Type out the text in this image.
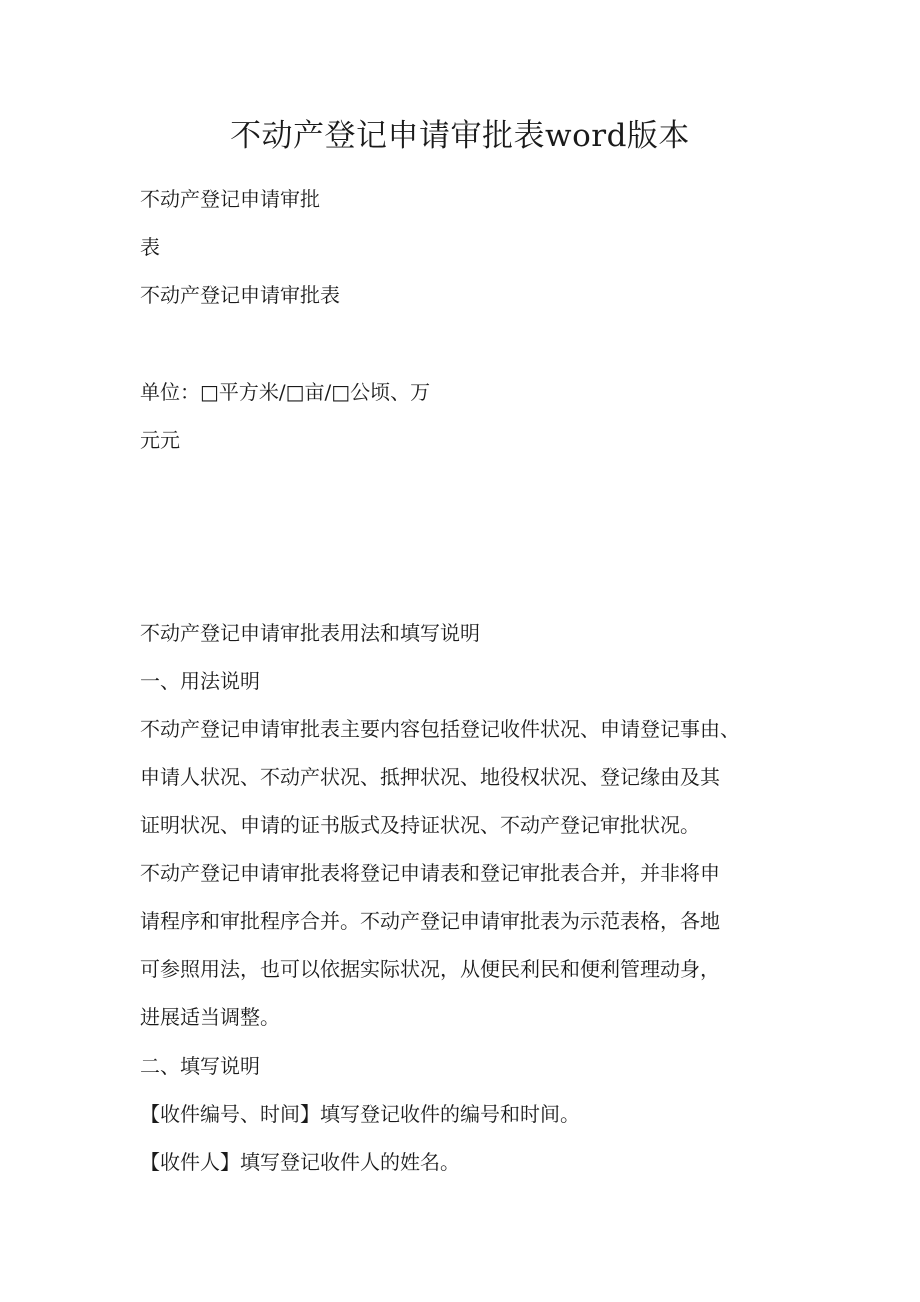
不动产登记申请审批表word版本
不动产登记申请审批
表
不动产登记申请审批表
单位：□平方米/□亩/□公顷、万
元元
不动产登记申请审批表用法和填写说明
一、用法说明
不动产登记申请审批表主要内容包括登记收件状况、申请登记事由、
申请人状况、不动产状况、抵押状况、地役权状况、登记缘由及其
证明状况、申请的证书版式及持证状况、不动产登记审批状况。
不动产登记申请审批表将登记申请表和登记审批表合并，并非将申
请程序和审批程序合并。不动产登记申请审批表为示范表格，各地
可参照用法，也可以依据实际状况，从便民利民和便利管理动身，
进展适当调整。
二、填写说明
【收件编号、时间】填写登记收件的编号和时间。
【收件人】填写登记收件人的姓名。
